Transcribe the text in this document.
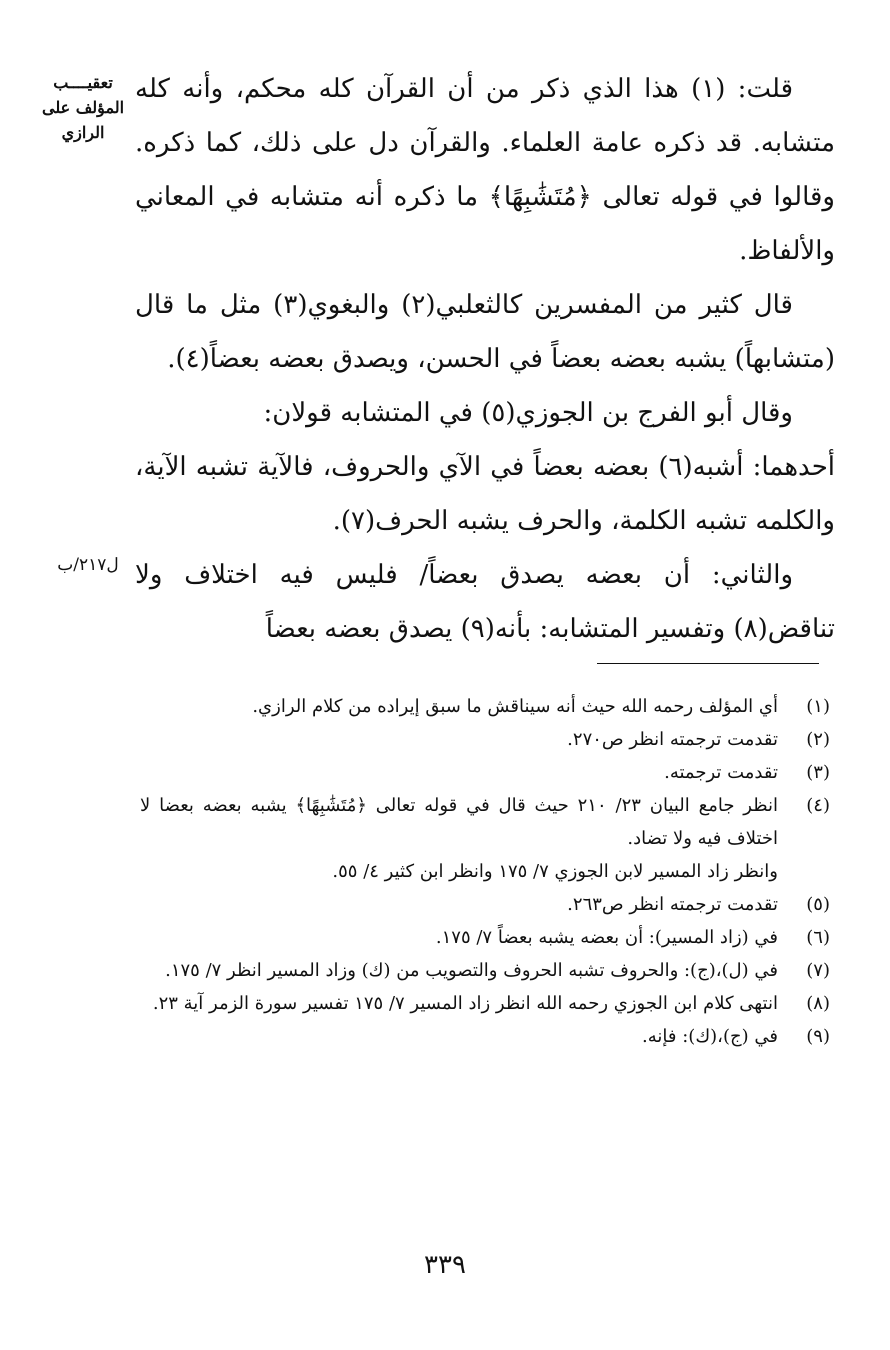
تعقيــــب المؤلف على الرازي
ل٢١٧/ب

قلت: (١) هذا الذي ذكر من أن القرآن كله محكم، وأنه كله متشابه. قد ذكره عامة العلماء. والقرآن دل على ذلك، كما ذكره. وقالوا في قوله تعالى ﴿مُتَشَٰبِهًا﴾ ما ذكره أنه متشابه في المعاني والألفاظ.

قال كثير من المفسرين كالثعلبي(٢) والبغوي(٣) مثل ما قال (متشابهاً) يشبه بعضه بعضاً في الحسن، ويصدق بعضه بعضاً(٤).

وقال أبو الفرج بن الجوزي(٥) في المتشابه قولان:

أحدهما: أشبه(٦) بعضه بعضاً في الآي والحروف، فالآية تشبه الآية، والكلمه تشبه الكلمة، والحرف يشبه الحرف(٧).

والثاني: أن بعضه يصدق بعضاً/ فليس فيه اختلاف ولا تناقض(٨) وتفسير المتشابه: بأنه(٩) يصدق بعضه بعضاً

(١)
أي المؤلف رحمه الله حيث أنه سيناقش ما سبق إيراده من كلام الرازي.
(٢)
تقدمت ترجمته انظر ص٢٧٠.
(٣)
تقدمت ترجمته.
(٤)
انظر جامع البيان ٢٣/ ٢١٠ حيث قال في قوله تعالى ﴿مُتَشَٰبِهًا﴾ يشبه بعضه بعضا لا اختلاف فيه ولا تضاد.
وانظر زاد المسير لابن الجوزي ٧/ ١٧٥ وانظر ابن كثير ٤/ ٥٥.
(٥)
تقدمت ترجمته انظر ص٢٦٣.
(٦)
في (زاد المسير): أن بعضه يشبه بعضاً ٧/ ١٧٥.
(٧)
في (ل)،(ج): والحروف تشبه الحروف والتصويب من (ك) وزاد المسير انظر ٧/ ١٧٥.
(٨)
انتهى كلام ابن الجوزي رحمه الله انظر زاد المسير ٧/ ١٧٥ تفسير سورة الزمر آية ٢٣.
(٩)
في (ج)،(ك): فإنه.
٣٣٩
